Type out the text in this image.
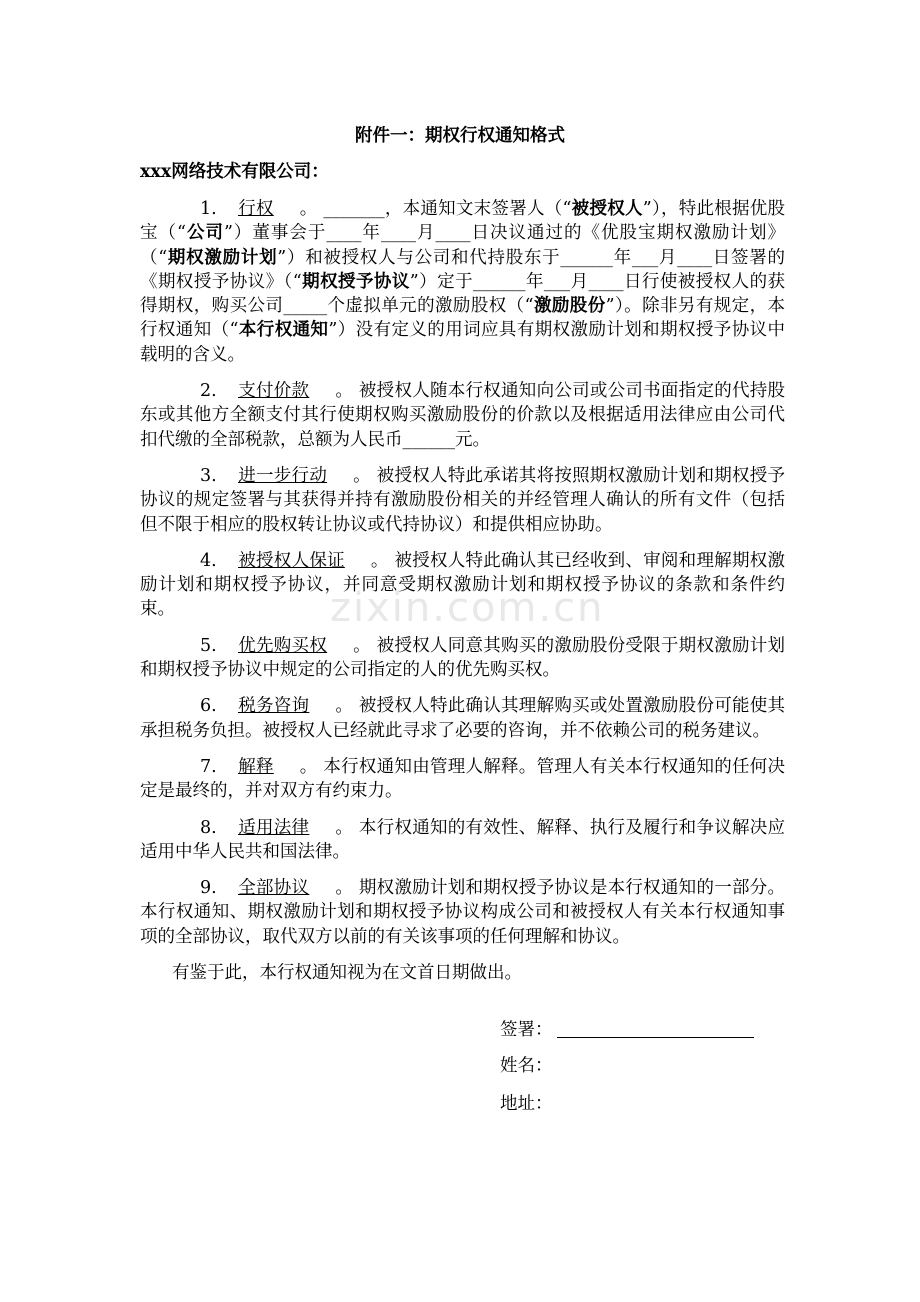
zixin.com.cn
附件一：期权行权通知格式
xxx网络技术有限公司：

1. 行权 。 _______，本通知文末签署人（“被授权人”），特此根据优股宝（“公司”）董事会于____年____月____日决议通过的《优股宝期权激励计划》（“期权激励计划”）和被授权人与公司和代持股东于______年___月____日签署的《期权授予协议》（“期权授予协议”）定于______年___月____日行使被授权人的获得期权，购买公司_____个虚拟单元的激励股权（“激励股份”）。除非另有规定，本行权通知（“本行权通知”）没有定义的用词应具有期权激励计划和期权授予协议中载明的含义。

2. 支付价款 。 被授权人随本行权通知向公司或公司书面指定的代持股东或其他方全额支付其行使期权购买激励股份的价款以及根据适用法律应由公司代扣代缴的全部税款，总额为人民币______元。

3. 进一步行动 。 被授权人特此承诺其将按照期权激励计划和期权授予协议的规定签署与其获得并持有激励股份相关的并经管理人确认的所有文件（包括但不限于相应的股权转让协议或代持协议）和提供相应协助。

4. 被授权人保证 。 被授权人特此确认其已经收到、审阅和理解期权激励计划和期权授予协议，并同意受期权激励计划和期权授予协议的条款和条件约束。

5. 优先购买权 。 被授权人同意其购买的激励股份受限于期权激励计划和期权授予协议中规定的公司指定的人的优先购买权。

6. 税务咨询 。 被授权人特此确认其理解购买或处置激励股份可能使其承担税务负担。被授权人已经就此寻求了必要的咨询，并不依赖公司的税务建议。

7. 解释 。 本行权通知由管理人解释。管理人有关本行权通知的任何决定是最终的，并对双方有约束力。

8. 适用法律 。 本行权通知的有效性、解释、执行及履行和争议解决应适用中华人民共和国法律。

9. 全部协议 。 期权激励计划和期权授予协议是本行权通知的一部分。本行权通知、期权激励计划和期权授予协议构成公司和被授权人有关本行权通知事项的全部协议，取代双方以前的有关该事项的任何理解和协议。

有鉴于此，本行权通知视为在文首日期做出。

签署：
姓名：
地址：
